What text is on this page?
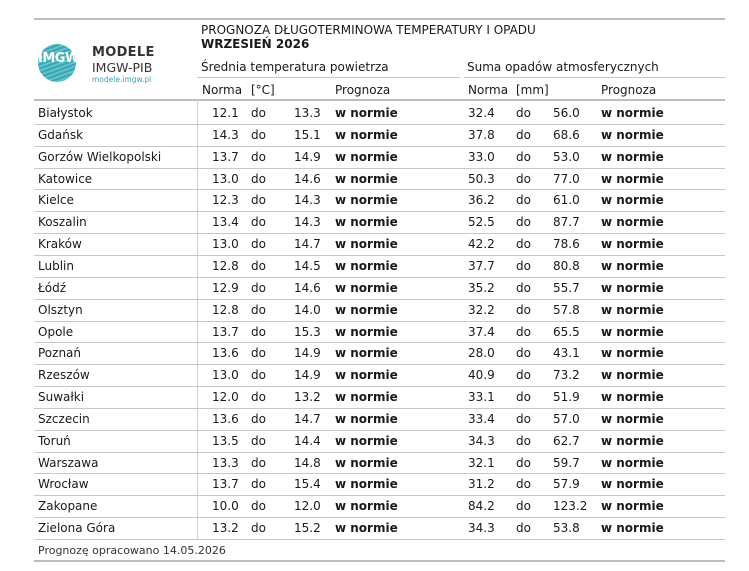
IMGW MODELE
IMGW-PIB
modele.imgw.pl
PROGNOZA DŁUGOTERMINOWA TEMPERATURY I OPADU
WRZESIEŃ 2026
Średnia temperatura powietrza	Suma opadów atmosferycznych
Norma [°C]	Prognoza	Norma [mm]	Prognoza
Białystok	12.1 do 13.3 w normie	32.4 do 56.0 w normie
Gdańsk	14.3 do 15.1 w normie	37.8 do 68.6 w normie
Gorzów Wielkopolski	13.7 do 14.9 w normie	33.0 do 53.0 w normie
Katowice	13.0 do 14.6 w normie	50.3 do 77.0 w normie
Kielce	12.3 do 14.3 w normie	36.2 do 61.0 w normie
Koszalin	13.4 do 14.3 w normie	52.5 do 87.7 w normie
Kraków	13.0 do 14.7 w normie	42.2 do 78.6 w normie
Lublin	12.8 do 14.5 w normie	37.7 do 80.8 w normie
Łódź	12.9 do 14.6 w normie	35.2 do 55.7 w normie
Olsztyn	12.8 do 14.0 w normie	32.2 do 57.8 w normie
Opole	13.7 do 15.3 w normie	37.4 do 65.5 w normie
Poznań	13.6 do 14.9 w normie	28.0 do 43.1 w normie
Rzeszów	13.0 do 14.9 w normie	40.9 do 73.2 w normie
Suwałki	12.0 do 13.2 w normie	33.1 do 51.9 w normie
Szczecin	13.6 do 14.7 w normie	33.4 do 57.0 w normie
Toruń	13.5 do 14.4 w normie	34.3 do 62.7 w normie
Warszawa	13.3 do 14.8 w normie	32.1 do 59.7 w normie
Wrocław	13.7 do 15.4 w normie	31.2 do 57.9 w normie
Zakopane	10.0 do 12.0 w normie	84.2 do 123.2 w normie
Zielona Góra	13.2 do 15.2 w normie	34.3 do 53.8 w normie
Prognozę opracowano 14.05.2026
